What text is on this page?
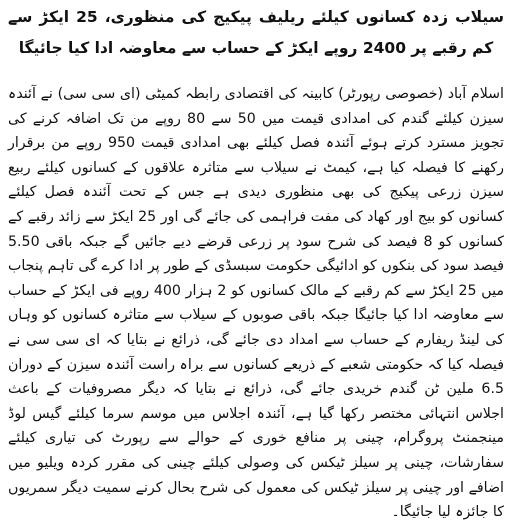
سیلاب زدہ کسانوں کیلئے ریلیف پیکیج کی منظوری، 25 ایکڑ سے کم رقبے پر 2400 روپے ایکڑ کے حساب سے معاوضہ ادا کیا جائیگا

اسلام آباد (خصوصی رپورٹر) کابینہ کی اقتصادی رابطہ کمیٹی (ای سی سی) نے آئندہ سیزن کیلئے گندم کی امدادی قیمت میں 50 سے 80 روپے من تک اضافہ کرنے کی تجویز مسترد کرتے ہوئے آئندہ فصل کیلئے بھی امدادی قیمت 950 روپے من برقرار رکھنے کا فیصلہ کیا ہے، کیمٹ نے سیلاب سے متاثرہ علاقوں کے کسانوں کیلئے ربیع سیزن زرعی پیکیج کی بھی منظوری دیدی ہے جس کے تحت آئندہ فصل کیلئے کسانوں کو بیج اور کھاد کی مفت فراہمی کی جائے گی اور 25 ایکڑ سے زائد رقبے کے کسانوں کو 8 فیصد کی شرح سود پر زرعی قرضے دیے جائیں گے جبکہ باقی 5.50 فیصد سود کی بنکوں کو ادائیگی حکومت سبسڈی کے طور پر ادا کرے گی تاہم پنجاب میں 25 ایکڑ سے کم رقبے کے مالک کسانوں کو 2 ہزار 400 روپے فی ایکڑ کے حساب سے معاوضہ ادا کیا جائیگا جبکہ باقی صوبوں کے سیلاب سے متاثرہ کسانوں کو وہاں کی لینڈ ریفارم کے حساب سے امداد دی جائے گی، ذرائع نے بتایا کہ ای سی سی نے فیصلہ کیا کہ حکومتی شعبے کے ذریعے کسانوں سے براہ راست آئندہ سیزن کے دوران 6.5 ملین ٹن گندم خریدی جائے گی، ذرائع نے بتایا کہ دیگر مصروفیات کے باعث اجلاس انتہائی مختصر رکھا گیا ہے، آئندہ اجلاس میں موسم سرما کیلئے گیس لوڈ مینجمنٹ پروگرام، چینی پر منافع خوری کے حوالے سے رپورٹ کی تیاری کیلئے سفارشات، چینی پر سیلز ٹیکس کی وصولی کیلئے چینی کی مقرر کردہ ویلیو میں اضافے اور چینی پر سیلز ٹیکس کی معمول کی شرح بحال کرنے سمیت دیگر سمریوں کا جائزہ لیا جائیگا۔
